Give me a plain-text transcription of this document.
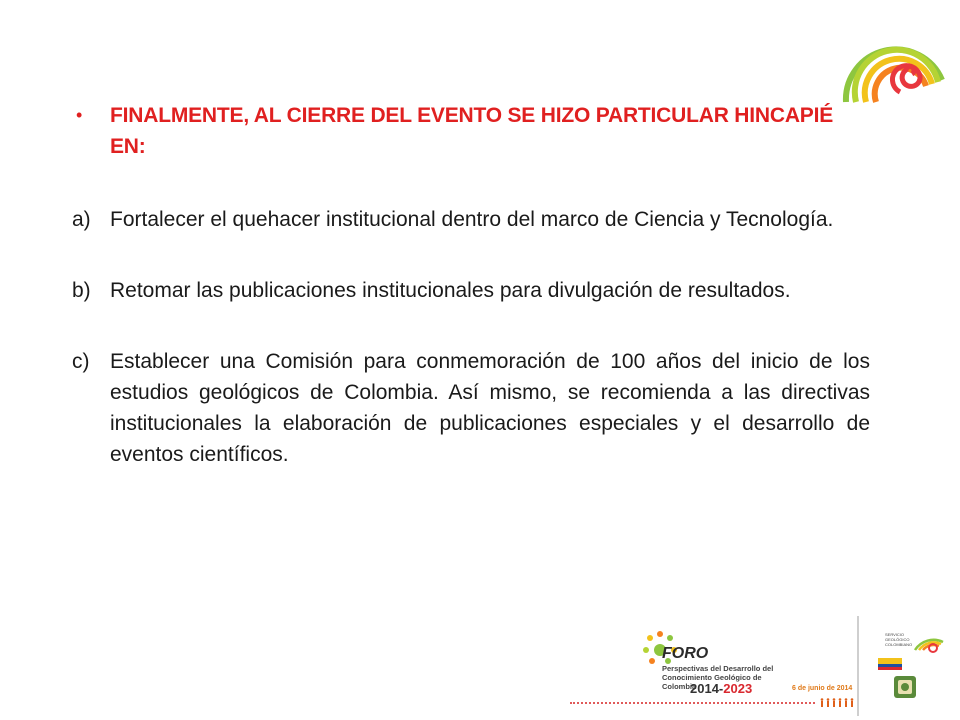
•	FINALMENTE, AL CIERRE DEL EVENTO SE HIZO PARTICULAR HINCAPIÉ EN:
a) Fortalecer el quehacer institucional dentro del marco de Ciencia y Tecnología.
b) Retomar las publicaciones institucionales para divulgación de resultados.
c) Establecer una Comisión para conmemoración de 100 años del inicio de los estudios geológicos de Colombia. Así mismo, se recomienda a las directivas institucionales la elaboración de publicaciones especiales y el desarrollo de eventos científicos.
FORO
Perspectivas del Desarrollo del Conocimiento Geológico de Colombia
2014-2023	6 de junio de 2014
SERVICIO GEOLÓGICO COLOMBIANO
